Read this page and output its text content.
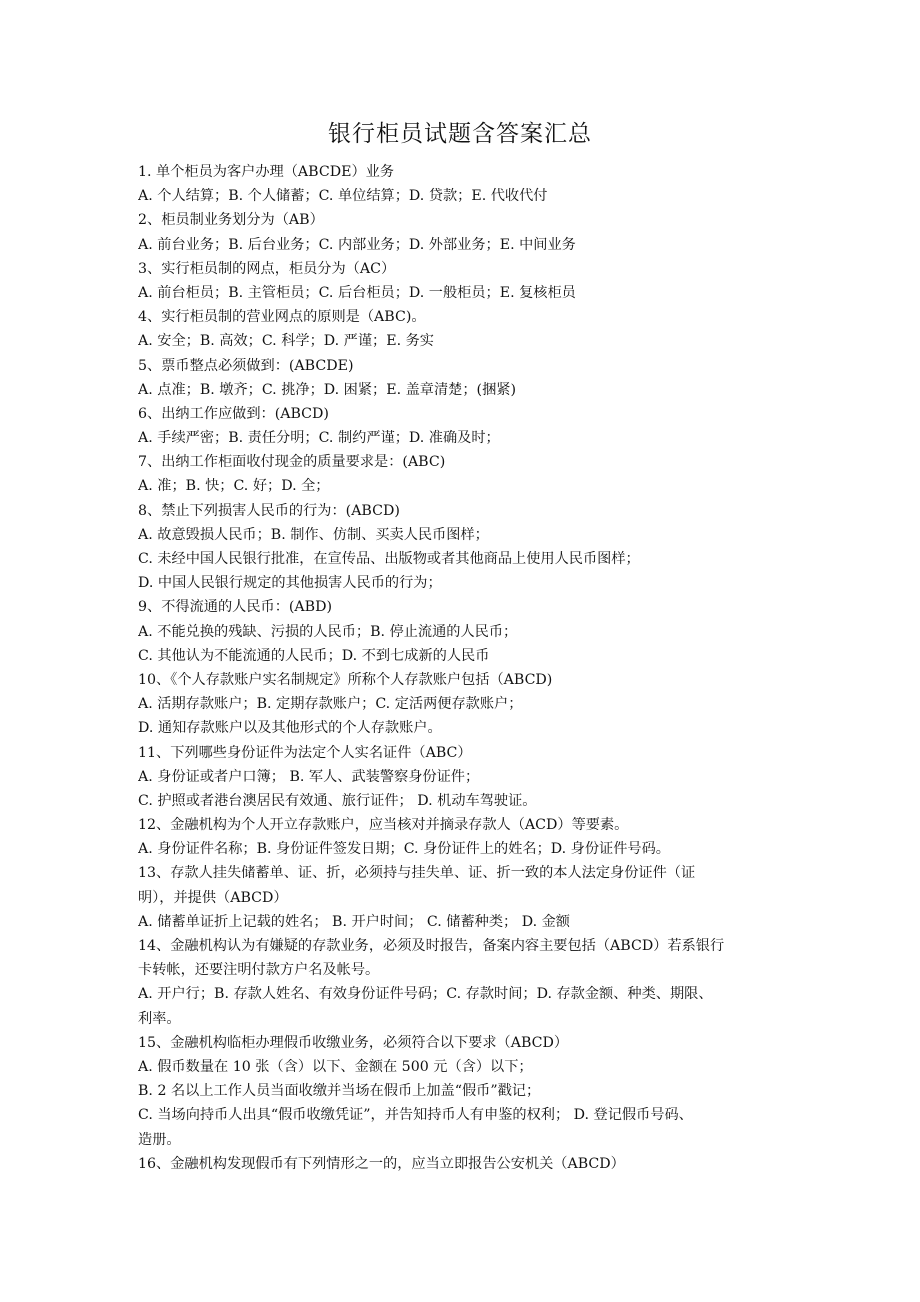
银行柜员试题含答案汇总
1. 单个柜员为客户办理（ABCDE）业务
A. 个人结算；B. 个人储蓄；C. 单位结算；D. 贷款；E. 代收代付
2、柜员制业务划分为（AB）
A. 前台业务；B. 后台业务；C. 内部业务；D. 外部业务；E. 中间业务
3、实行柜员制的网点，柜员分为（AC）
A. 前台柜员；B. 主管柜员；C. 后台柜员；D. 一般柜员；E. 复核柜员
4、实行柜员制的营业网点的原则是（ABC)。
A. 安全；B. 高效；C. 科学；D. 严谨；E. 务实
5、票币整点必须做到：(ABCDE)
A. 点准；B. 墩齐；C. 挑净；D. 困紧；E. 盖章清楚；(捆紧)
6、出纳工作应做到：(ABCD)
A. 手续严密；B. 责任分明；C. 制约严谨；D. 准确及时；
7、出纳工作柜面收付现金的质量要求是：(ABC)
A. 准；B. 快；C. 好；D. 全；
8、禁止下列损害人民币的行为：(ABCD)
A. 故意毁损人民币；B. 制作、仿制、买卖人民币图样；
C. 未经中国人民银行批准，在宣传品、出版物或者其他商品上使用人民币图样；
D. 中国人民银行规定的其他损害人民币的行为；
9、不得流通的人民币：(ABD)
A. 不能兑换的残缺、污损的人民币；B. 停止流通的人民币；
C. 其他认为不能流通的人民币；D. 不到七成新的人民币
10、《个人存款账户实名制规定》所称个人存款账户包括（ABCD)
A. 活期存款账户；B. 定期存款账户；C. 定活两便存款账户；
D. 通知存款账户以及其他形式的个人存款账户。
11、下列哪些身份证件为法定个人实名证件（ABC）
A. 身份证或者户口簿； B. 军人、武装警察身份证件；
C. 护照或者港台澳居民有效通、旅行证件； D. 机动车驾驶证。
12、金融机构为个人开立存款账户，应当核对并摘录存款人（ACD）等要素。
A. 身份证件名称；B. 身份证件签发日期；C. 身份证件上的姓名；D. 身份证件号码。
13、存款人挂失储蓄单、证、折，必须持与挂失单、证、折一致的本人法定身份证件（证
明），并提供（ABCD）
A. 储蓄单证折上记载的姓名； B. 开户时间； C. 储蓄种类； D. 金额
14、金融机构认为有嫌疑的存款业务，必须及时报告，备案内容主要包括（ABCD）若系银行
卡转帐，还要注明付款方户名及帐号。
A. 开户行；B. 存款人姓名、有效身份证件号码；C. 存款时间；D. 存款金额、种类、期限、
利率。
15、金融机构临柜办理假币收缴业务，必须符合以下要求（ABCD）
A. 假币数量在 10 张（含）以下、金额在 500 元（含）以下；
B. 2 名以上工作人员当面收缴并当场在假币上加盖“假币”戳记；
C. 当场向持币人出具“假币收缴凭证”，并告知持币人有申鉴的权利； D. 登记假币号码、
造册。
16、金融机构发现假币有下列情形之一的，应当立即报告公安机关（ABCD）
